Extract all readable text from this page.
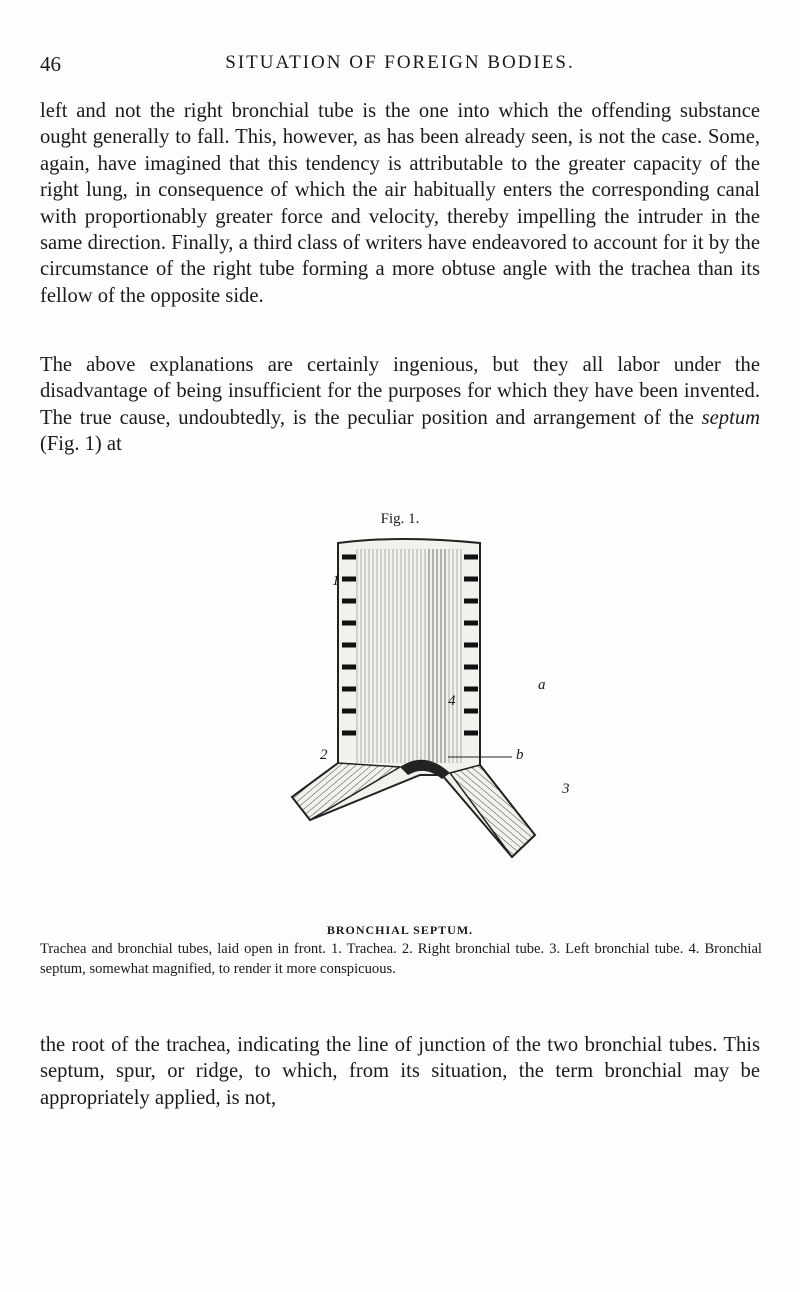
46	SITUATION OF FOREIGN BODIES.

left and not the right bronchial tube is the one into which the offending substance ought generally to fall. This, however, as has been already seen, is not the case. Some, again, have imagined that this tendency is attributable to the greater capacity of the right lung, in consequence of which the air habitually enters the corresponding canal with proportionably greater force and velocity, thereby impelling the intruder in the same direction. Finally, a third class of writers have endeavored to account for it by the circumstance of the right tube forming a more obtuse angle with the trachea than its fellow of the opposite side.

The above explanations are certainly ingenious, but they all labor under the disadvantage of being insufficient for the purposes for which they have been invented. The true cause, undoubtedly, is the peculiar position and arrangement of the septum (Fig. 1) at

Fig. 1.
1
a
4
b
2
3
BRONCHIAL SEPTUM.

Trachea and bronchial tubes, laid open in front. 1. Trachea. 2. Right bronchial tube. 3. Left bronchial tube. 4. Bronchial septum, somewhat magnified, to render it more conspicuous.

the root of the trachea, indicating the line of junction of the two bronchial tubes. This septum, spur, or ridge, to which, from its situation, the term bronchial may be appropriately applied, is not,
